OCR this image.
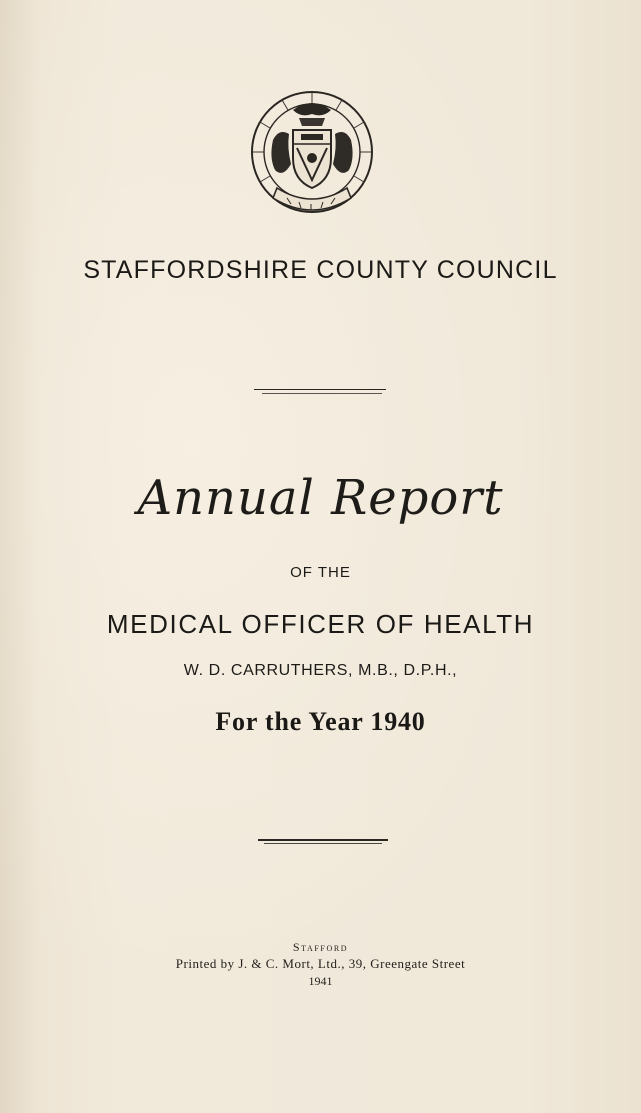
STAFFORDSHIRE COUNTY COUNCIL
Annual Report
OF THE
MEDICAL OFFICER OF HEALTH
W. D. CARRUTHERS, M.B., D.P.H.,
For the Year 1940
Stafford
Printed by J. & C. Mort, Ltd., 39, Greengate Street
1941
